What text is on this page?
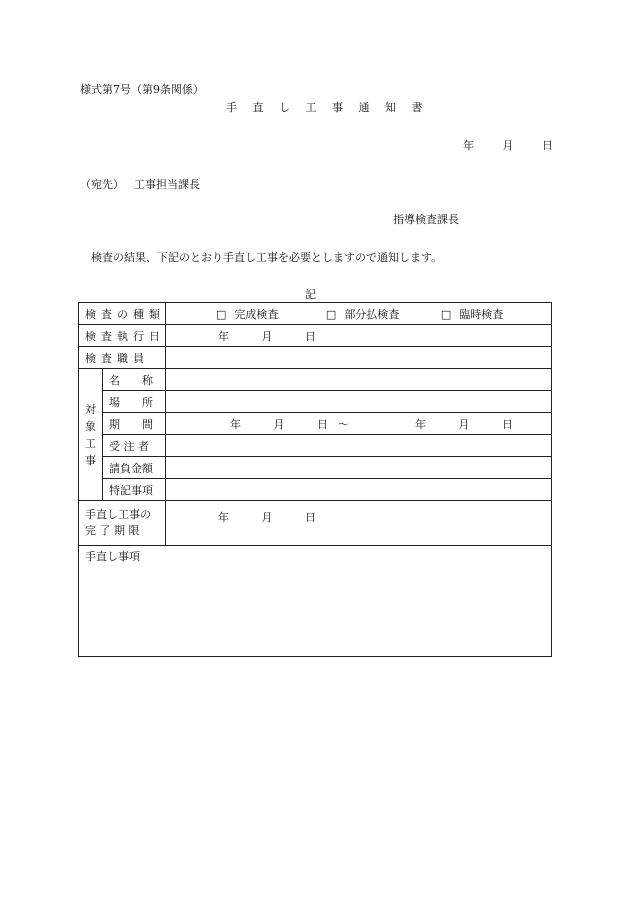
様式第7号（第9条関係）
手 直 し 工 事 通 知 書
年　 月　 日
（宛先） 工事担当課長
指導検査課長
検査の結果、下記のとおり手直し工事を必要としますので通知します。
記
検査の種類		□ 完成検査 □ 部分払検査 □ 臨時検査
検査執行日		年　 月　 日
検査職員		

対
象
工
事	名　　称	
	場　　所	
	期　　間	年　 月　 日 ～ 年　 月　 日
	受 注 者	
	請負金額	
	特記事項	

手直し工事の
完 了 期 限		年　 月　 日
手直し事項		
